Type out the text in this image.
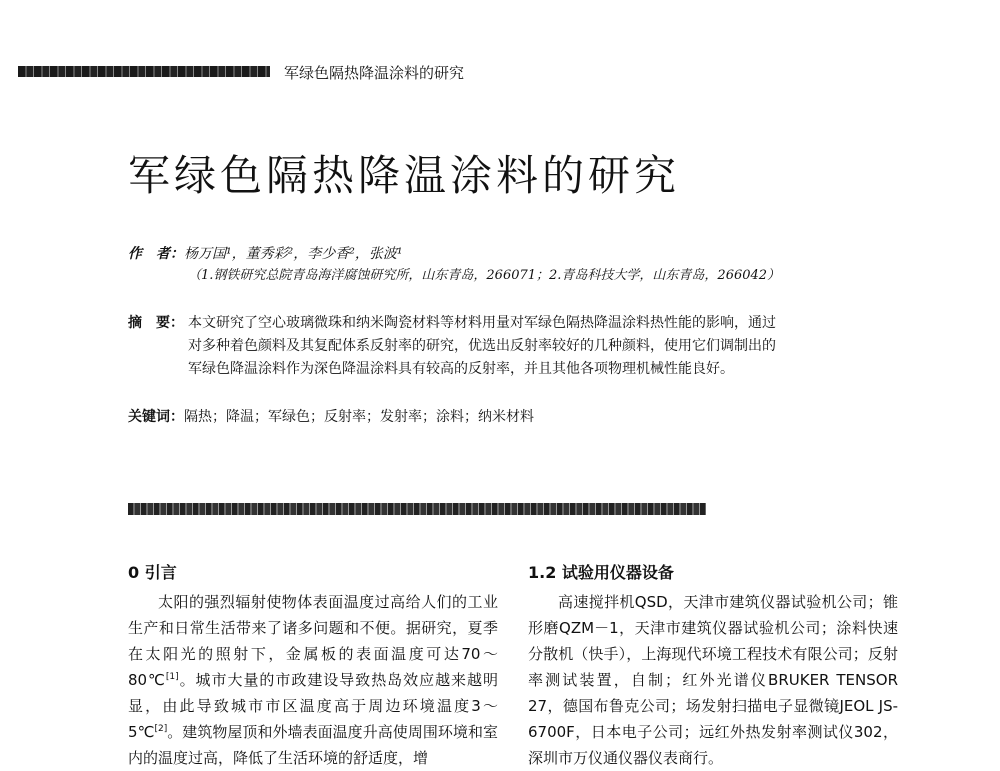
军绿色隔热降温涂料的研究
军绿色隔热降温涂料的研究
作　者：杨万国¹，董秀彩²，李少香²，张波¹
（1.钢铁研究总院青岛海洋腐蚀研究所，山东青岛，266071；2.青岛科技大学，山东青岛，266042）
摘　要： 本文研究了空心玻璃微珠和纳米陶瓷材料等材料用量对军绿色隔热降温涂料热性能的影响，通过对多种着色颜料及其复配体系反射率的研究，优选出反射率较好的几种颜料，使用它们调制出的军绿色降温涂料作为深色降温涂料具有较高的反射率，并且其他各项物理机械性能良好。
关键词：隔热；降温；军绿色；反射率；发射率；涂料；纳米材料
0 引言

太阳的强烈辐射使物体表面温度过高给人们的工业生产和日常生活带来了诸多问题和不便。据研究，夏季在太阳光的照射下，金属板的表面温度可达70～80℃[1]。城市大量的市政建设导致热岛效应越来越明显，由此导致城市市区温度高于周边环境温度3～5℃[2]。建筑物屋顶和外墙表面温度升高使周围环境和室内的温度过高，降低了生活环境的舒适度，增

1.2 试验用仪器设备

高速搅拌机QSD，天津市建筑仪器试验机公司；锥形磨QZM－1，天津市建筑仪器试验机公司；涂料快速分散机（快手），上海现代环境工程技术有限公司；反射率测试装置，自制；红外光谱仪BRUKER TENSOR 27，德国布鲁克公司；场发射扫描电子显微镜JEOL JS-6700F，日本电子公司；远红外热发射率测试仪302，深圳市万仪通仪器仪表商行。
